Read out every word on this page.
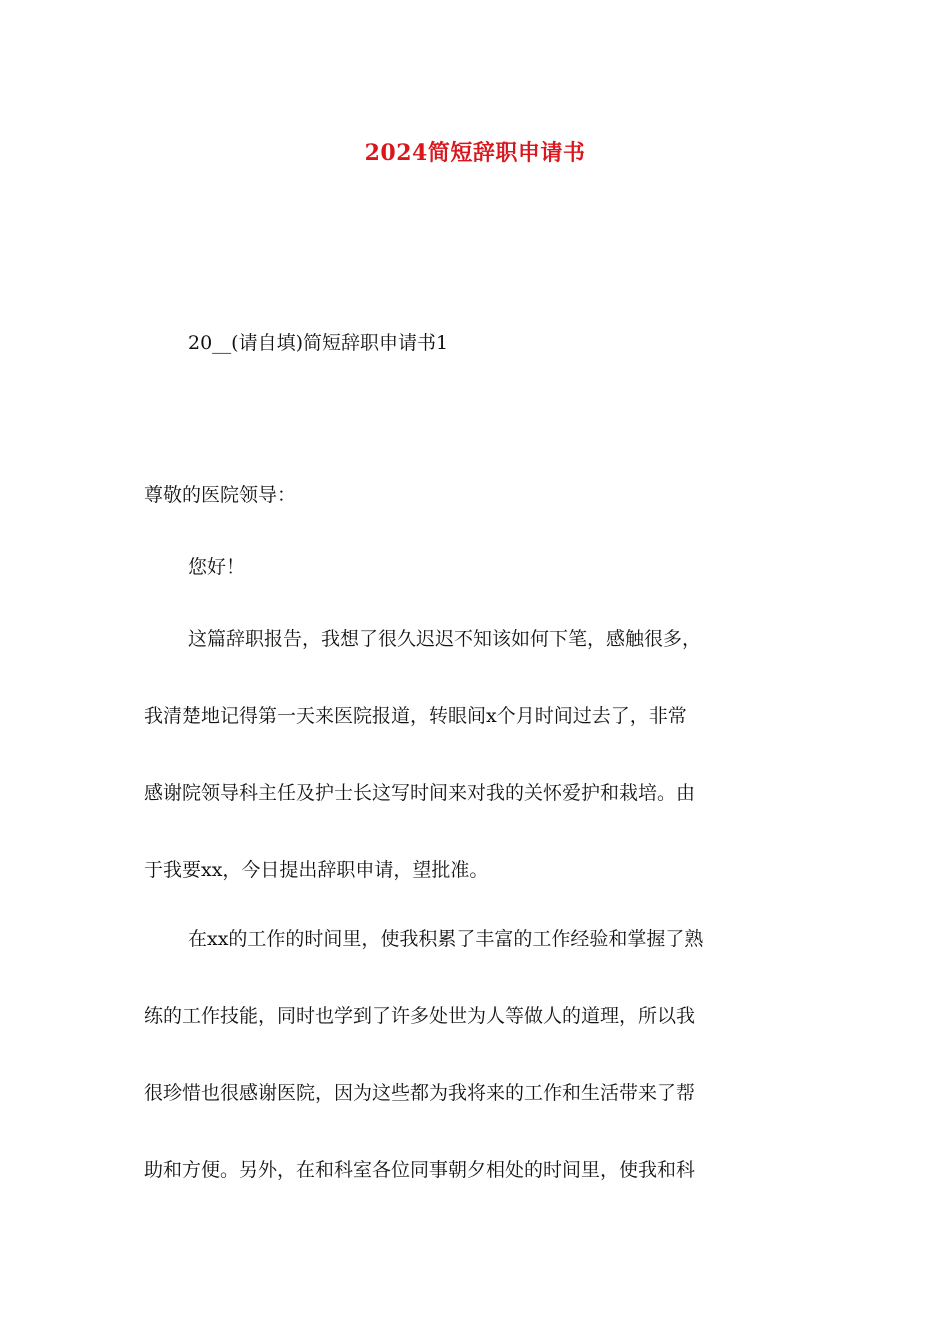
2024简短辞职申请书

20__(请自填)简短辞职申请书1

尊敬的医院领导：

您好！

这篇辞职报告，我想了很久迟迟不知该如何下笔，感触很多，
我清楚地记得第一天来医院报道，转眼间x个月时间过去了，非常
感谢院领导科主任及护士长这写时间来对我的关怀爱护和栽培。由
于我要xx，今日提出辞职申请，望批准。
在xx的工作的时间里，使我积累了丰富的工作经验和掌握了熟
练的工作技能，同时也学到了许多处世为人等做人的道理，所以我
很珍惜也很感谢医院，因为这些都为我将来的工作和生活带来了帮
助和方便。另外，在和科室各位同事朝夕相处的时间里，使我和科
